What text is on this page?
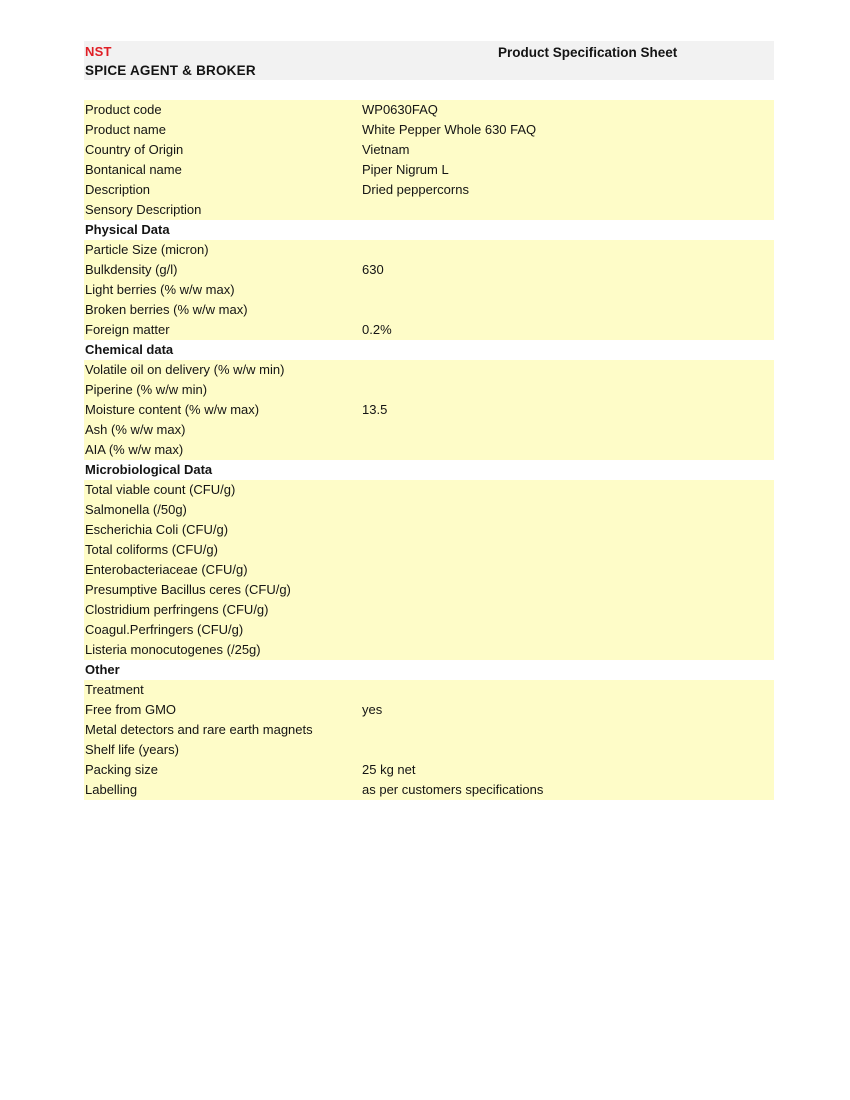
NST
SPICE AGENT & BROKER
Product Specification Sheet
Product code	WP0630FAQ
Product name	White Pepper Whole 630 FAQ
Country of Origin	Vietnam
Bontanical name	Piper Nigrum L
Description	Dried peppercorns
Sensory Description
Physical Data
Particle Size (micron)
Bulkdensity (g/l)	630
Light berries (% w/w max)
Broken berries (% w/w max)
Foreign matter	0.2%
Chemical data
Volatile oil on delivery (% w/w min)
Piperine (% w/w min)
Moisture content (% w/w max)	13.5
Ash (% w/w max)
AIA (% w/w max)
Microbiological Data
Total viable count (CFU/g)
Salmonella (/50g)
Escherichia Coli (CFU/g)
Total coliforms (CFU/g)
Enterobacteriaceae (CFU/g)
Presumptive Bacillus ceres (CFU/g)
Clostridium perfringens (CFU/g)
Coagul.Perfringers (CFU/g)
Listeria monocutogenes (/25g)
Other
Treatment
Free from GMO	yes
Metal detectors and rare earth magnets
Shelf life (years)
Packing size	25 kg net
Labelling	as per customers specifications
